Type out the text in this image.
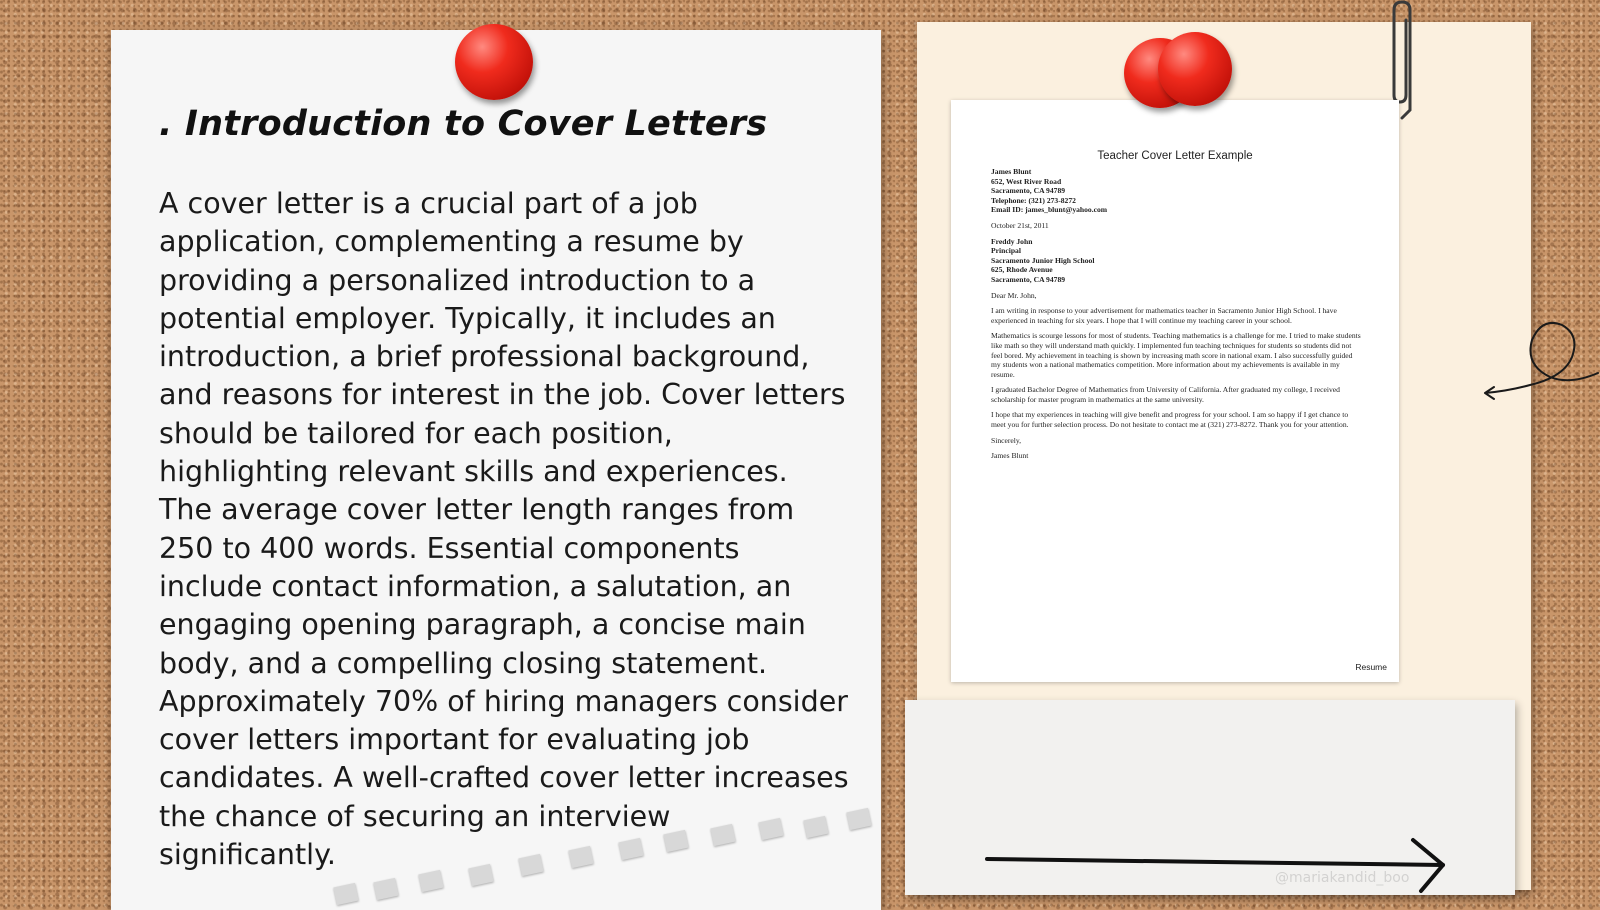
Teacher Cover Letter Example
James Blunt
652, West River Road
Sacramento, CA 94789
Telephone: (321) 273-8272
Email ID: james_blunt@yahoo.com
October 21st, 2011
Freddy John
Principal
Sacramento Junior High School
625, Rhode Avenue
Sacramento, CA 94789
Dear Mr. John,
I am writing in response to your advertisement for mathematics teacher in Sacramento Junior High School. I have experienced in teaching for six years. I hope that I will continue my teaching career in your school.
Mathematics is scourge lessons for most of students. Teaching mathematics is a challenge for me. I tried to make students like math so they will understand math quickly. I implemented fun teaching techniques for students so students did not feel bored. My achievement in teaching is shown by increasing math score in national exam. I also successfully guided my students won a national mathematics competition. More information about my achievements is available in my resume.
I graduated Bachelor Degree of Mathematics from University of California. After graduated my college, I received scholarship for master program in mathematics at the same university.
I hope that my experiences in teaching will give benefit and progress for your school. I am so happy if I get chance to meet you for further selection process. Do not hesitate to contact me at (321) 273-8272. Thank you for your attention.
Sincerely,
James Blunt
Resume
. Introduction to Cover Letters

A cover letter is a crucial part of a job application, complementing a resume by providing a personalized introduction to a potential employer. Typically, it includes an introduction, a brief professional background, and reasons for interest in the job. Cover letters should be tailored for each position, highlighting relevant skills and experiences. The average cover letter length ranges from 250 to 400 words. Essential components include contact information, a salutation, an engaging opening paragraph, a concise main body, and a compelling closing statement. Approximately 70% of hiring managers consider cover letters important for evaluating job candidates. A well-crafted cover letter increases the chance of securing an interview significantly.

@mariakandid_boo
